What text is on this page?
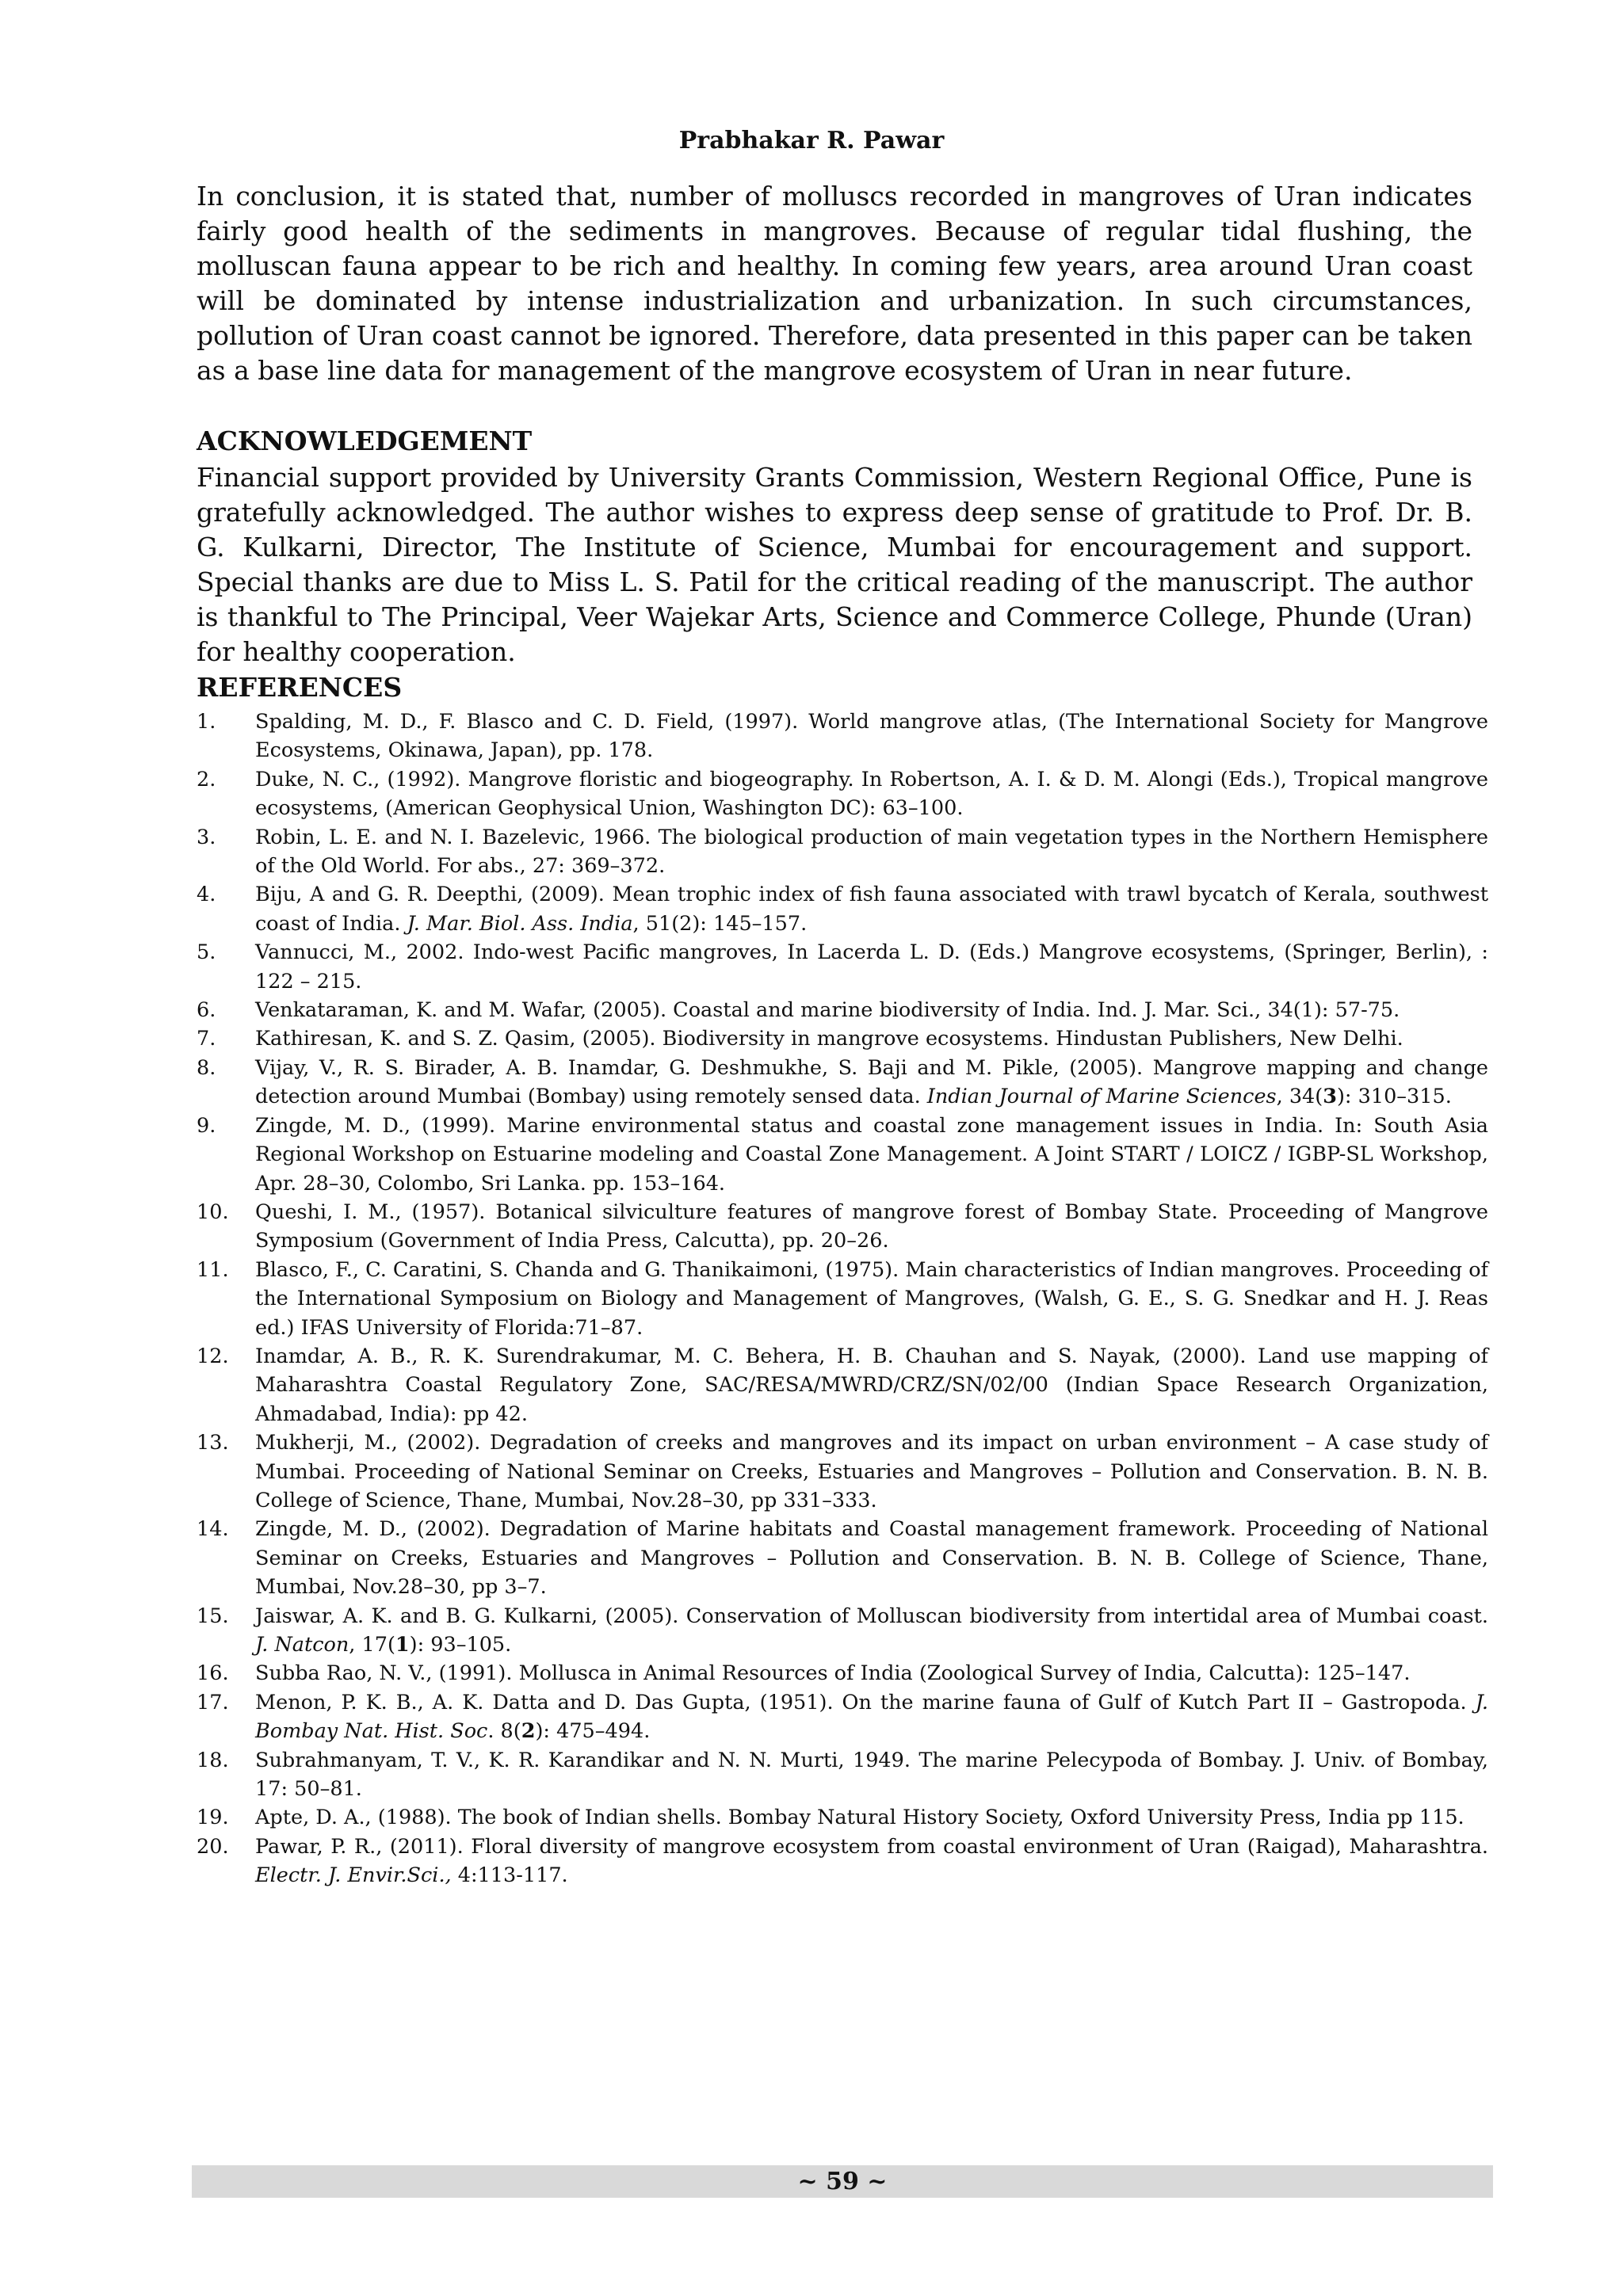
Prabhakar R. Pawar

In conclusion, it is stated that, number of molluscs recorded in mangroves of Uran indicates fairly good health of the sediments in mangroves. Because of regular tidal flushing, the molluscan fauna appear to be rich and healthy. In coming few years, area around Uran coast will be dominated by intense industrialization and urbanization. In such circumstances, pollution of Uran coast cannot be ignored. Therefore, data presented in this paper can be taken as a base line data for management of the mangrove ecosystem of Uran in near future.

ACKNOWLEDGEMENT

Financial support provided by University Grants Commission, Western Regional Office, Pune is gratefully acknowledged. The author wishes to express deep sense of gratitude to Prof. Dr. B. G. Kulkarni, Director, The Institute of Science, Mumbai for encouragement and support. Special thanks are due to Miss L. S. Patil for the critical reading of the manuscript. The author is thankful to The Principal, Veer Wajekar Arts, Science and Commerce College, Phunde (Uran) for healthy cooperation.

REFERENCES
1.	Spalding, M. D., F. Blasco and C. D. Field, (1997). World mangrove atlas, (The International Society for Mangrove Ecosystems, Okinawa, Japan), pp. 178.
2.	Duke, N. C., (1992). Mangrove floristic and biogeography. In Robertson, A. I. & D. M. Alongi (Eds.), Tropical mangrove ecosystems, (American Geophysical Union, Washington DC): 63–100.
3.	Robin, L. E. and N. I. Bazelevic, 1966. The biological production of main vegetation types in the Northern Hemisphere of the Old World. For abs., 27: 369–372.
4.	Biju, A and G. R. Deepthi, (2009). Mean trophic index of fish fauna associated with trawl bycatch of Kerala, southwest coast of India. J. Mar. Biol. Ass. India, 51(2): 145–157.
5.	Vannucci, M., 2002. Indo-west Pacific mangroves, In Lacerda L. D. (Eds.) Mangrove ecosystems, (Springer, Berlin), : 122 – 215.
6.	Venkataraman, K. and M. Wafar, (2005). Coastal and marine biodiversity of India. Ind. J. Mar. Sci., 34(1): 57-75.
7.	Kathiresan, K. and S. Z. Qasim, (2005). Biodiversity in mangrove ecosystems. Hindustan Publishers, New Delhi.
8.	Vijay, V., R. S. Birader, A. B. Inamdar, G. Deshmukhe, S. Baji and M. Pikle, (2005). Mangrove mapping and change detection around Mumbai (Bombay) using remotely sensed data. Indian Journal of Marine Sciences, 34(3): 310–315.
9.	Zingde, M. D., (1999). Marine environmental status and coastal zone management issues in India. In: South Asia Regional Workshop on Estuarine modeling and Coastal Zone Management. A Joint START / LOICZ / IGBP-SL Workshop, Apr. 28–30, Colombo, Sri Lanka. pp. 153–164.
10.	Queshi, I. M., (1957). Botanical silviculture features of mangrove forest of Bombay State. Proceeding of Mangrove Symposium (Government of India Press, Calcutta), pp. 20–26.
11.	Blasco, F., C. Caratini, S. Chanda and G. Thanikaimoni, (1975). Main characteristics of Indian mangroves. Proceeding of the International Symposium on Biology and Management of Mangroves, (Walsh, G. E., S. G. Snedkar and H. J. Reas ed.) IFAS University of Florida:71–87.
12.	Inamdar, A. B., R. K. Surendrakumar, M. C. Behera, H. B. Chauhan and S. Nayak, (2000). Land use mapping of Maharashtra Coastal Regulatory Zone, SAC/RESA/MWRD/CRZ/SN/02/00 (Indian Space Research Organization, Ahmadabad, India): pp 42.
13.	Mukherji, M., (2002). Degradation of creeks and mangroves and its impact on urban environment – A case study of Mumbai. Proceeding of National Seminar on Creeks, Estuaries and Mangroves – Pollution and Conservation. B. N. B. College of Science, Thane, Mumbai, Nov.28–30, pp 331–333.
14.	Zingde, M. D., (2002). Degradation of Marine habitats and Coastal management framework. Proceeding of National Seminar on Creeks, Estuaries and Mangroves – Pollution and Conservation. B. N. B. College of Science, Thane, Mumbai, Nov.28–30, pp 3–7.
15.	Jaiswar, A. K. and B. G. Kulkarni, (2005). Conservation of Molluscan biodiversity from intertidal area of Mumbai coast. J. Natcon, 17(1): 93–105.
16.	Subba Rao, N. V., (1991). Mollusca in Animal Resources of India (Zoological Survey of India, Calcutta): 125–147.
17.	Menon, P. K. B., A. K. Datta and D. Das Gupta, (1951). On the marine fauna of Gulf of Kutch Part II – Gastropoda. J. Bombay Nat. Hist. Soc. 8(2): 475–494.
18.	Subrahmanyam, T. V., K. R. Karandikar and N. N. Murti, 1949. The marine Pelecypoda of Bombay. J. Univ. of Bombay, 17: 50–81.
19.	Apte, D. A., (1988). The book of Indian shells. Bombay Natural History Society, Oxford University Press, India pp 115.
20.	Pawar, P. R., (2011). Floral diversity of mangrove ecosystem from coastal environment of Uran (Raigad), Maharashtra. Electr. J. Envir.Sci., 4:113-117.
~ 59 ~
